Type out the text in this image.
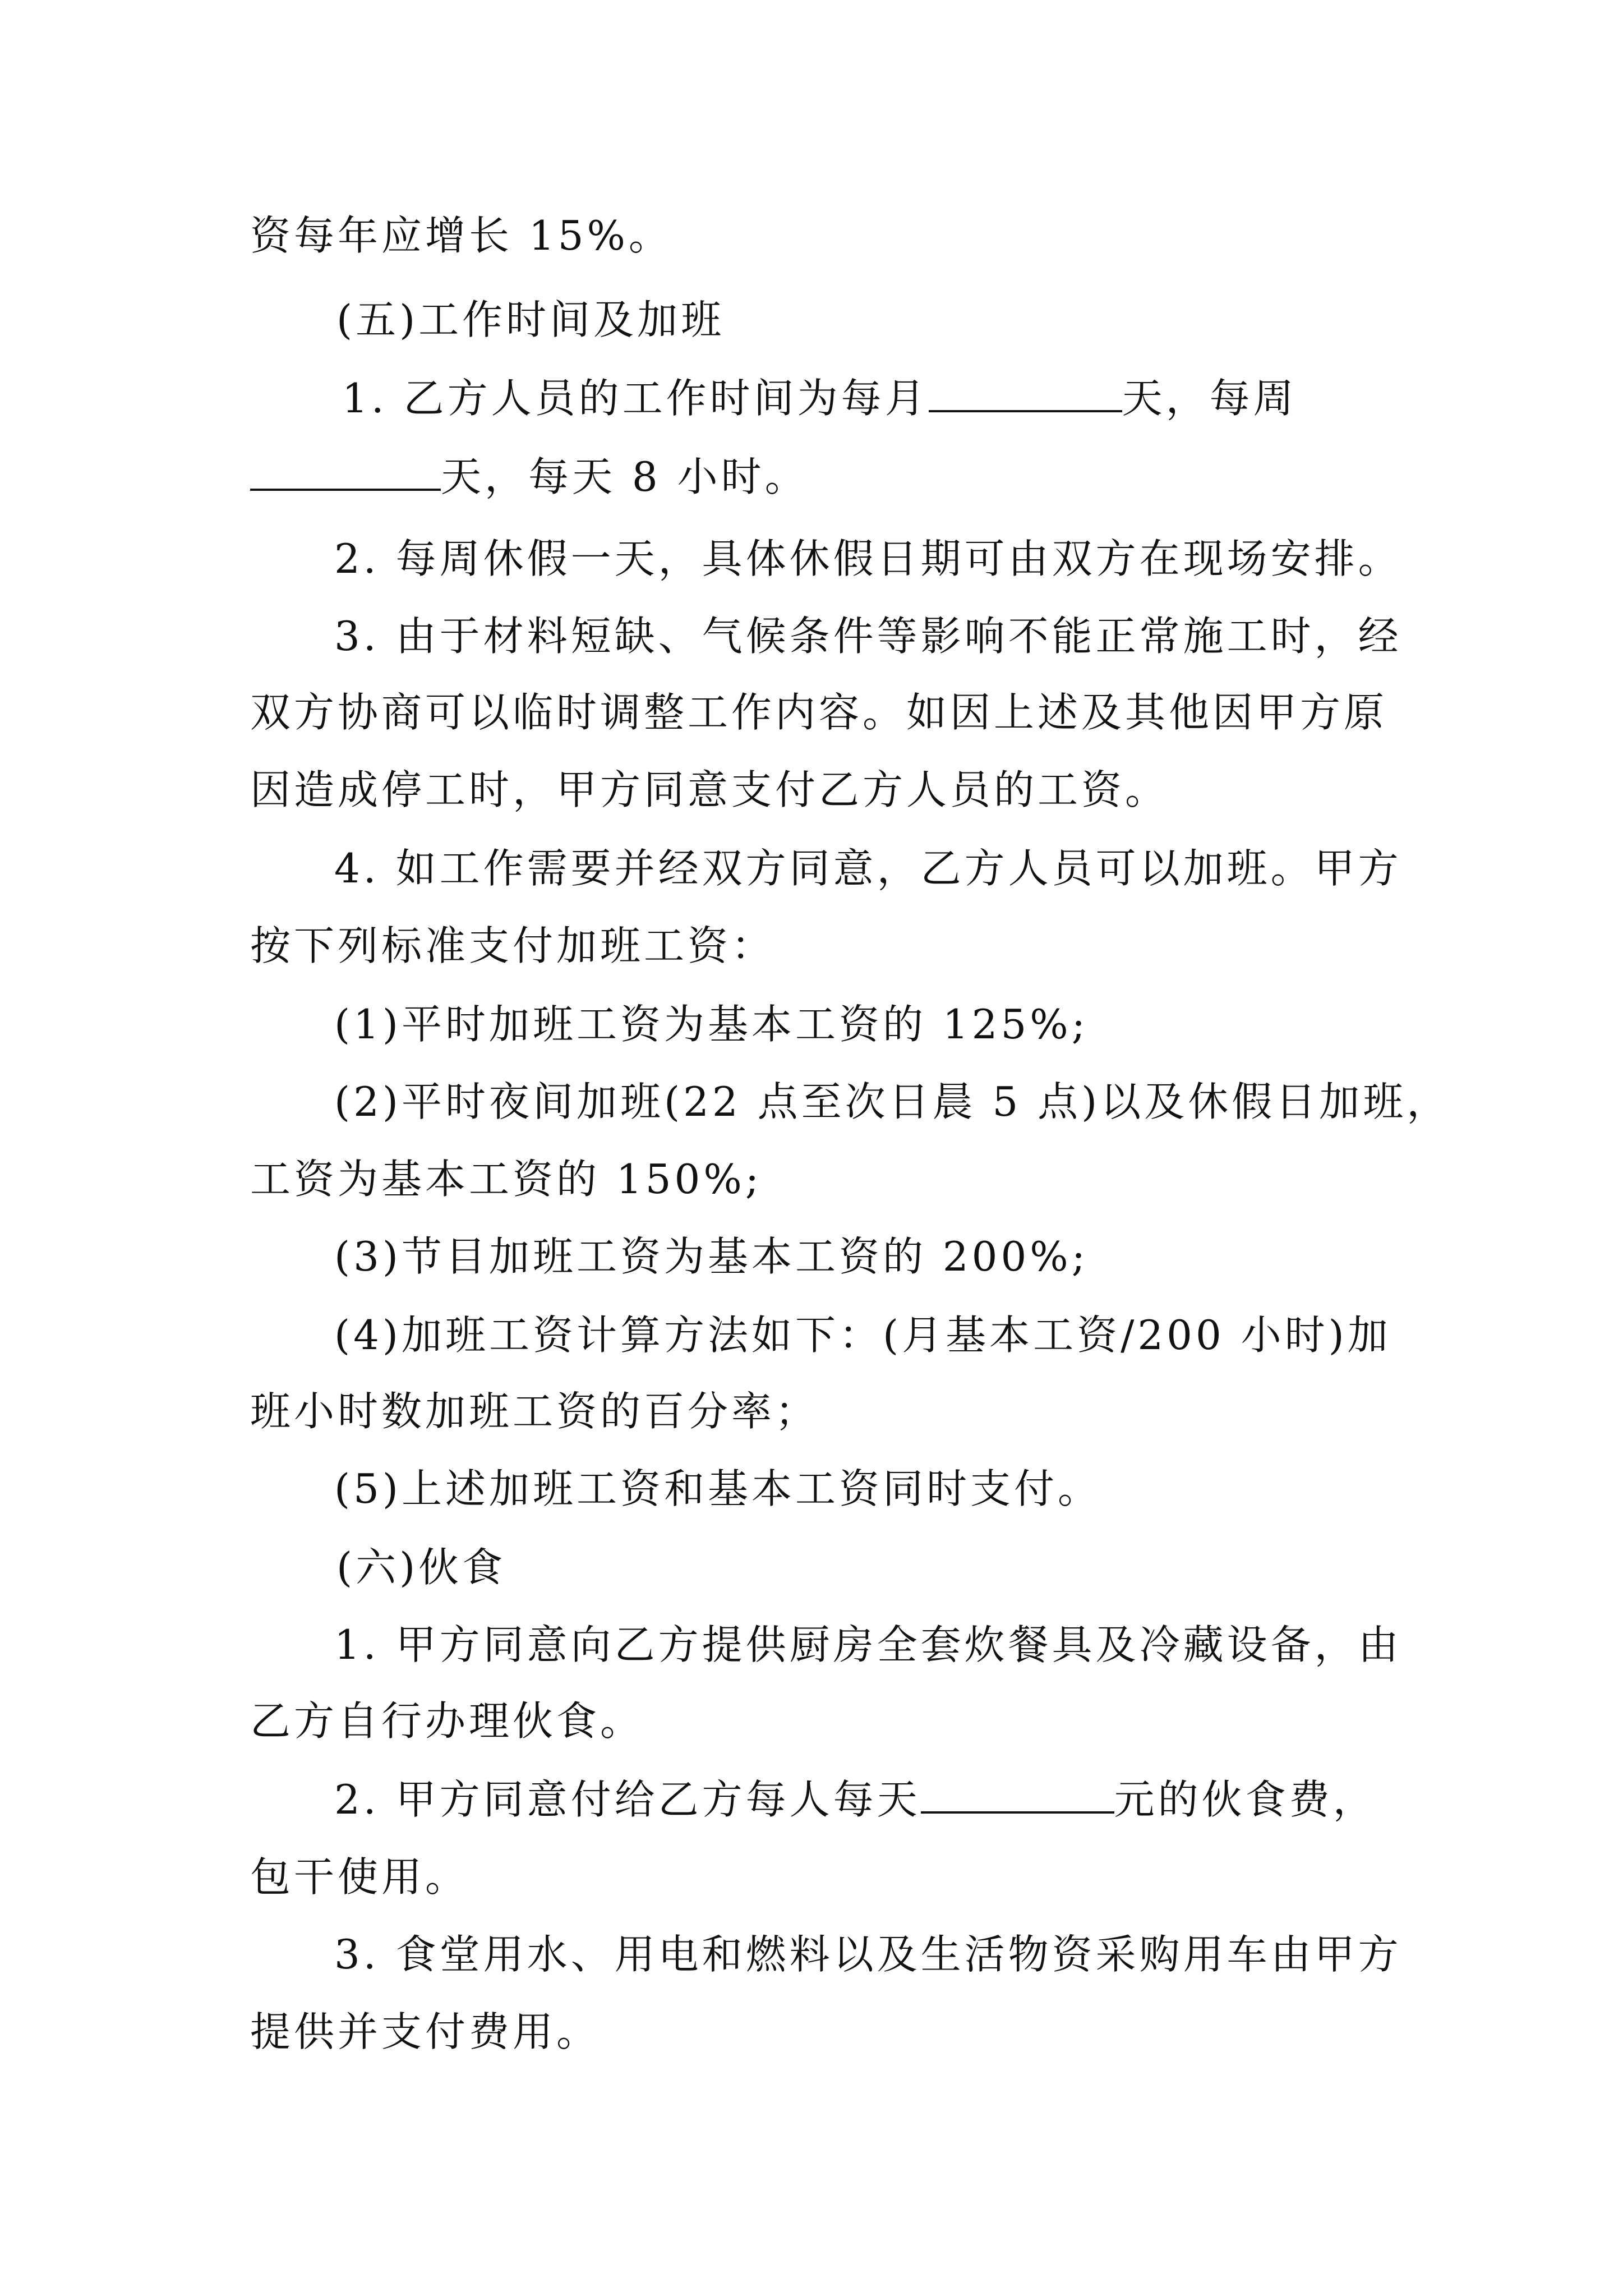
资每年应增长 15%。
(五)工作时间及加班
1. 乙方人员的工作时间为每月	天，每周
天，每天 8 小时。
2. 每周休假一天，具体休假日期可由双方在现场安排。
3. 由于材料短缺、气候条件等影响不能正常施工时，经
双方协商可以临时调整工作内容。如因上述及其他因甲方原
因造成停工时，甲方同意支付乙方人员的工资。
4. 如工作需要并经双方同意，乙方人员可以加班。甲方
按下列标准支付加班工资：
(1)平时加班工资为基本工资的 125%;
(2)平时夜间加班(22 点至次日晨 5 点)以及休假日加班，
工资为基本工资的 150%;
(3)节目加班工资为基本工资的 200%;
(4)加班工资计算方法如下：(月基本工资/200 小时)加
班小时数加班工资的百分率；
(5)上述加班工资和基本工资同时支付。
(六)伙食
1. 甲方同意向乙方提供厨房全套炊餐具及冷藏设备，由
乙方自行办理伙食。
2. 甲方同意付给乙方每人每天	元的伙食费，
包干使用。
3. 食堂用水、用电和燃料以及生活物资采购用车由甲方
提供并支付费用。
